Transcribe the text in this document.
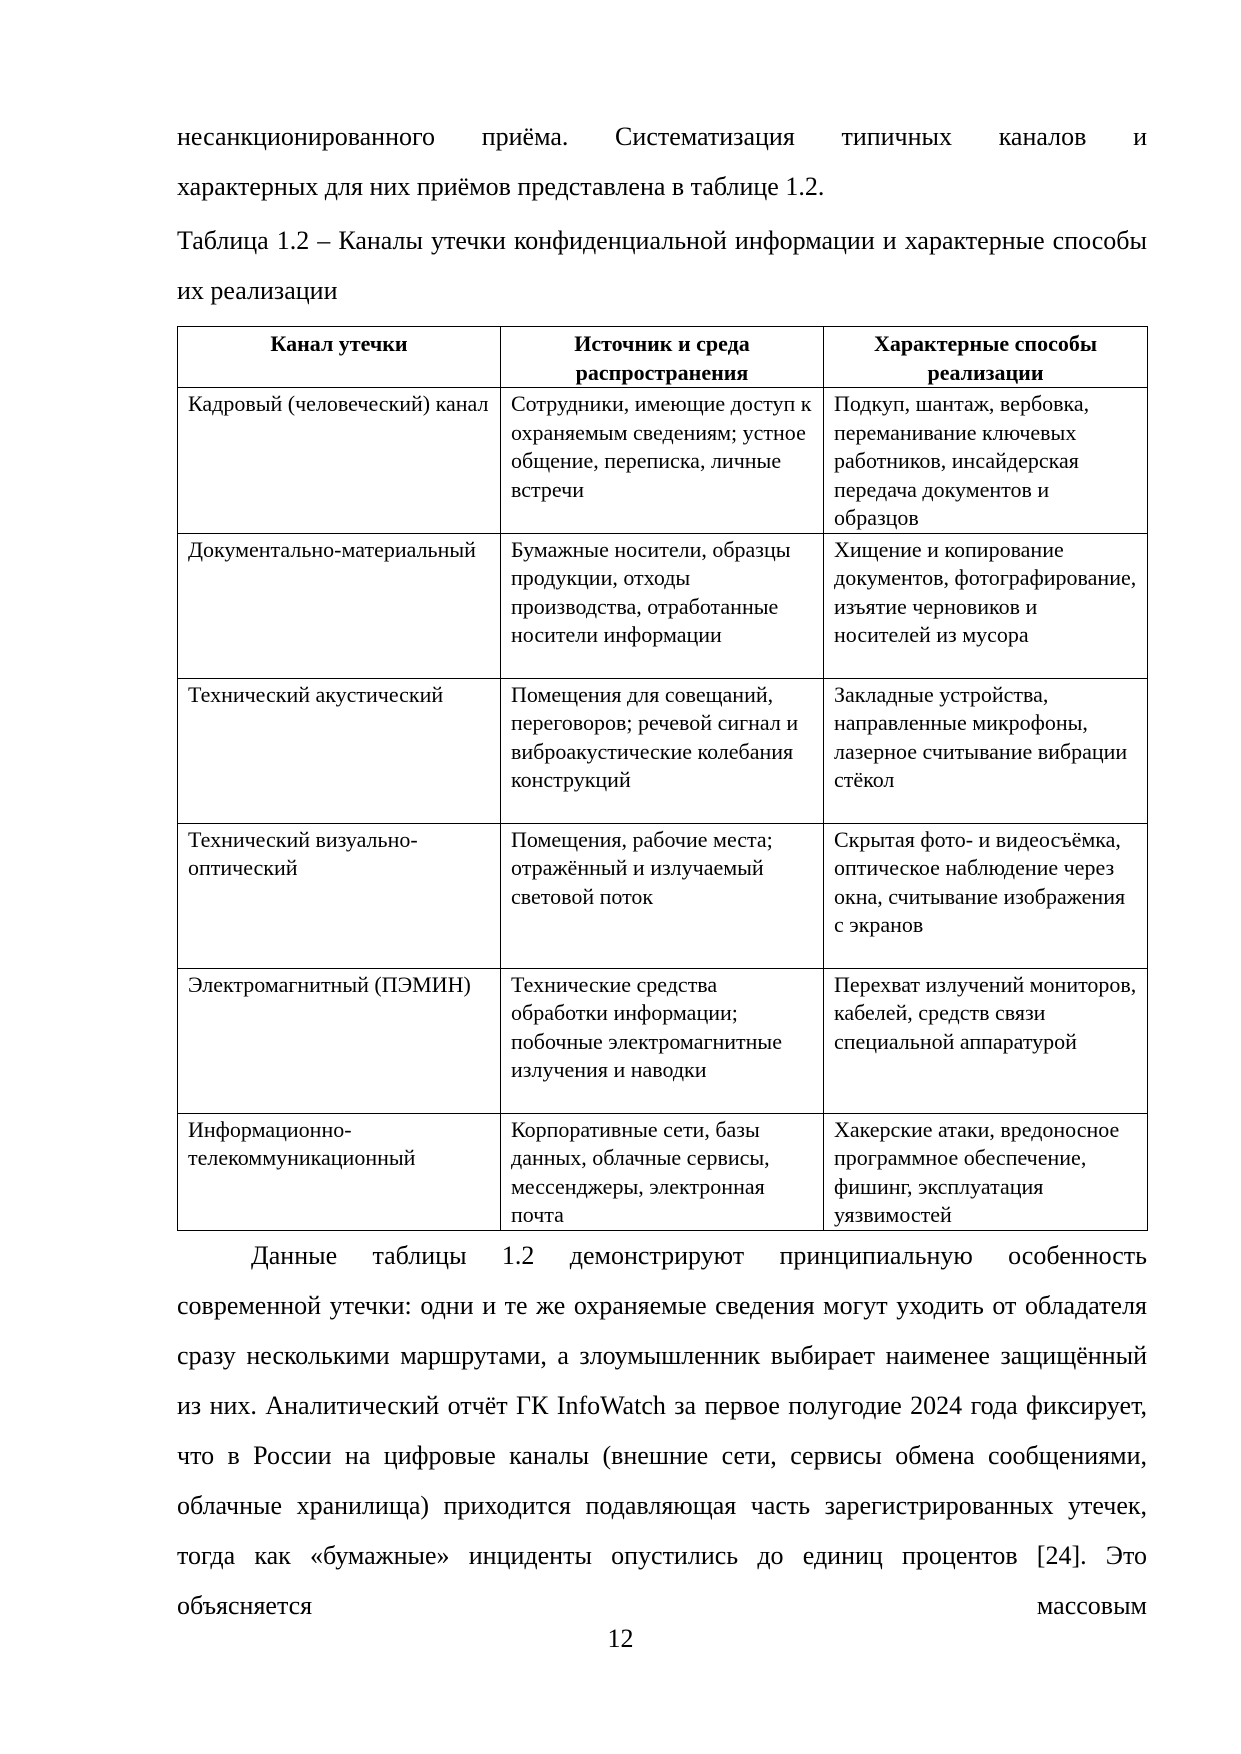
несанкционированного приёма. Систематизация типичных каналов и

характерных для них приёмов представлена в таблице 1.2.

Таблица 1.2 – Каналы утечки конфиденциальной информации и характерные способы их реализации

Канал утечки	Источник и среда распространения	Характерные способы реализации
Кадровый (человеческий) канал	Сотрудники, имеющие доступ к охраняемым сведениям; устное общение, переписка, личные встречи	Подкуп, шантаж, вербовка, переманивание ключевых работников, инсайдерская передача документов и образцов
Документально-материальный	Бумажные носители, образцы продукции, отходы производства, отработанные носители информации	Хищение и копирование документов, фотографирование, изъятие черновиков и носителей из мусора
Технический акустический	Помещения для совещаний, переговоров; речевой сигнал и виброакустические колебания конструкций	Закладные устройства, направленные микрофоны, лазерное считывание вибрации стёкол
Технический визуально-оптический	Помещения, рабочие места; отражённый и излучаемый световой поток	Скрытая фото- и видеосъёмка, оптическое наблюдение через окна, считывание изображения с экранов
Электромагнитный (ПЭМИН)	Технические средства обработки информации; побочные электромагнитные излучения и наводки	Перехват излучений мониторов, кабелей, средств связи специальной аппаратурой
Информационно-телекоммуникационный	Корпоративные сети, базы данных, облачные сервисы, мессенджеры, электронная почта	Хакерские атаки, вредоносное программное обеспечение, фишинг, эксплуатация уязвимостей

Данные таблицы 1.2 демонстрируют принципиальную особенность современной утечки: одни и те же охраняемые сведения могут уходить от обладателя сразу несколькими маршрутами, а злоумышленник выбирает наименее защищённый из них. Аналитический отчёт ГК InfoWatch за первое полугодие 2024 года фиксирует, что в России на цифровые каналы (внешние сети, сервисы обмена сообщениями, облачные хранилища) приходится подавляющая часть зарегистрированных утечек, тогда как «бумажные» инциденты опустились до единиц процентов [24]. Это объясняется массовым

12
